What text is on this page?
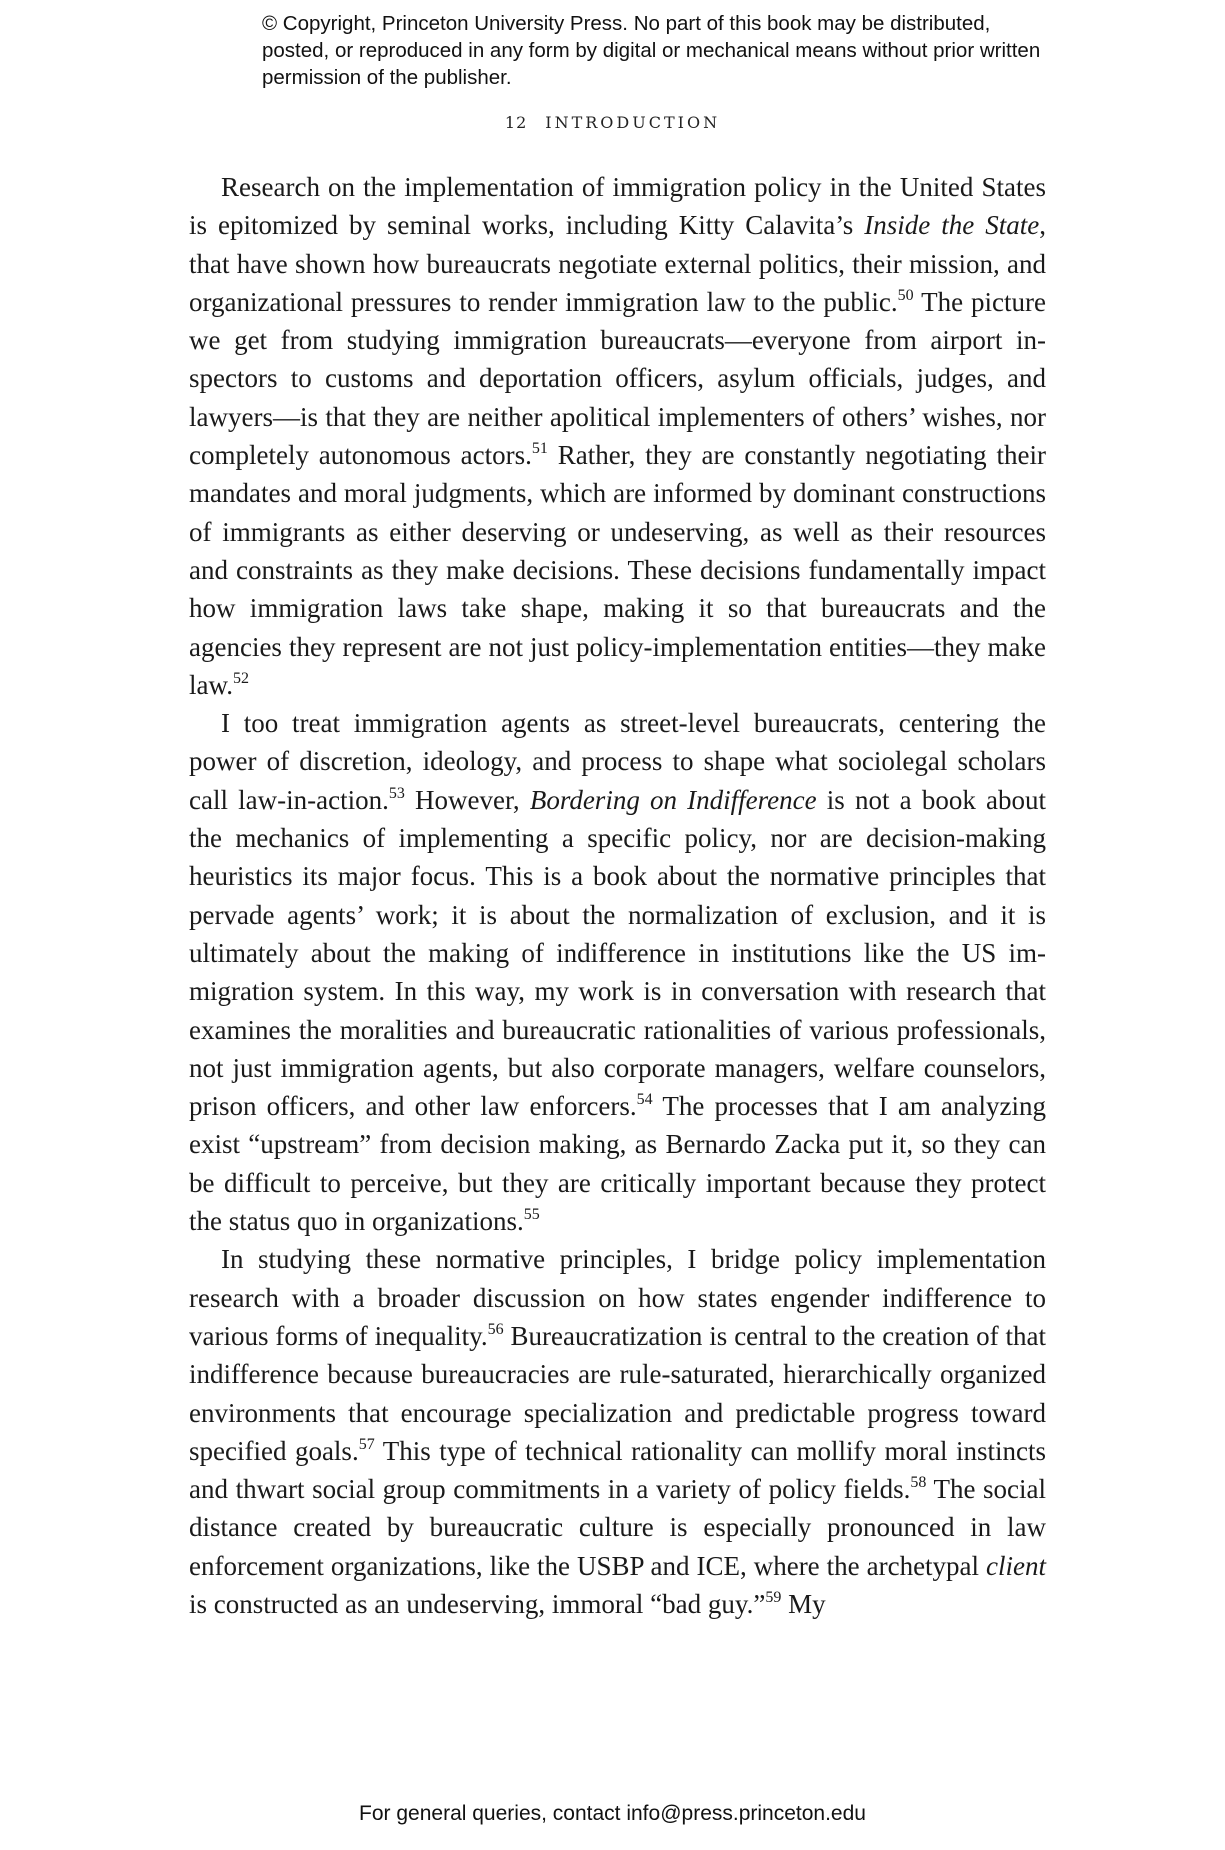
© Copyright, Princeton University Press. No part of this book may be distributed, posted, or reproduced in any form by digital or mechanical means without prior written permission of the publisher.
12 INTRODUCTION

Research on the implementation of immigration policy in the United States is epitomized by seminal works, including Kitty Calavita’s Inside the State, that have shown how bureaucrats negotiate external politics, their mission, and organizational pressures to render immigration law to the public.$^{50}$ The picture we get from studying immigration bureaucrats—everyone from airport inspectors to customs and deportation officers, asylum officials, judges, and lawyers—is that they are neither apolitical implementers of others’ wishes, nor completely autonomous actors.$^{51}$ Rather, they are constantly negotiating their mandates and moral judgments, which are informed by dominant constructions of immigrants as either deserving or undeserving, as well as their resources and constraints as they make decisions. These decisions fundamentally impact how immigration laws take shape, making it so that bureaucrats and the agencies they represent are not just policy-implementation entities—they make law.$^{52}$

I too treat immigration agents as street-level bureaucrats, centering the power of discretion, ideology, and process to shape what sociolegal scholars call law-in-action.$^{53}$ However, Bordering on Indifference is not a book about the mechanics of implementing a specific policy, nor are decision-making heuristics its major focus. This is a book about the normative principles that pervade agents’ work; it is about the normalization of exclusion, and it is ultimately about the making of indifference in institutions like the US immigration system. In this way, my work is in conversation with research that examines the moralities and bureaucratic rationalities of various professionals, not just immigration agents, but also corporate managers, welfare counselors, prison officers, and other law enforcers.$^{54}$ The processes that I am analyzing exist “upstream” from decision making, as Bernardo Zacka put it, so they can be difficult to perceive, but they are critically important because they protect the status quo in organizations.$^{55}$

In studying these normative principles, I bridge policy implementation research with a broader discussion on how states engender indifference to various forms of inequality.$^{56}$ Bureaucratization is central to the creation of that indifference because bureaucracies are rule-saturated, hierarchically organized environments that encourage specialization and predictable progress toward specified goals.$^{57}$ This type of technical rationality can mollify moral instincts and thwart social group commitments in a variety of policy fields.$^{58}$ The social distance created by bureaucratic culture is especially pronounced in law enforcement organizations, like the USBP and ICE, where the archetypal client is constructed as an undeserving, immoral “bad guy.”$^{59}$ My

For general queries, contact info@press.princeton.edu
